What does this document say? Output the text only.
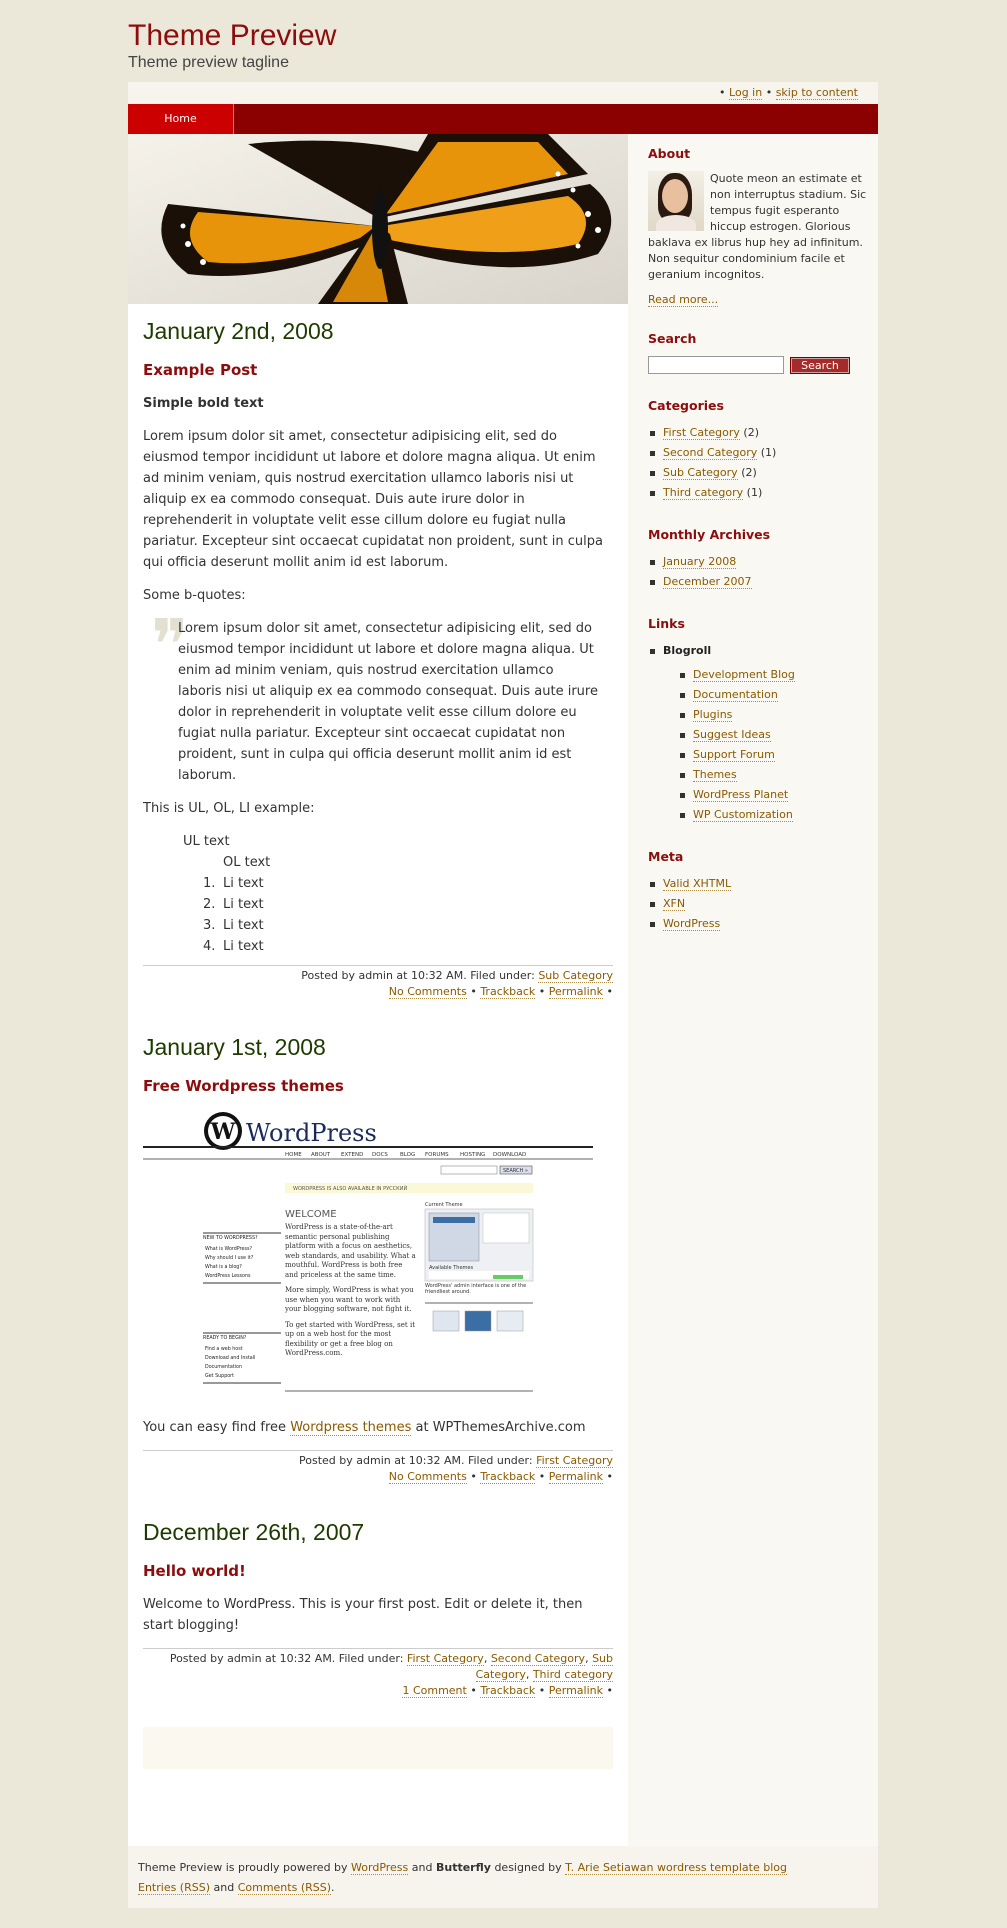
Theme Preview
Theme preview tagline
• Log in • skip to content
Home
January 2nd, 2008
Example Post

Simple bold text

Lorem ipsum dolor sit amet, consectetur adipisicing elit, sed do eiusmod tempor incididunt ut labore et dolore magna aliqua. Ut enim ad minim veniam, quis nostrud exercitation ullamco laboris nisi ut aliquip ex ea commodo consequat. Duis aute irure dolor in reprehenderit in voluptate velit esse cillum dolore eu fugiat nulla pariatur. Excepteur sint occaecat cupidatat non proident, sunt in culpa qui officia deserunt mollit anim id est laborum.

Some b-quotes:

❞

Lorem ipsum dolor sit amet, consectetur adipisicing elit, sed do eiusmod tempor incididunt ut labore et dolore magna aliqua. Ut enim ad minim veniam, quis nostrud exercitation ullamco laboris nisi ut aliquip ex ea commodo consequat. Duis aute irure dolor in reprehenderit in voluptate velit esse cillum dolore eu fugiat nulla pariatur. Excepteur sint occaecat cupidatat non proident, sunt in culpa qui officia deserunt mollit anim id est laborum.

This is UL, OL, LI example:

UL text
OL text
1. Li text
2. Li text
3. Li text
4. Li text
Posted by admin at 10:32 AM. Filed under: Sub Category
No Comments • Trackback • Permalink •
January 1st, 2008
Free Wordpress themes
W WordPress
HOME ABOUT EXTEND DOCS BLOG FORUMS HOSTING DOWNLOAD
SEARCH »
WORDPRESS IS ALSO AVAILABLE IN РУССКИЙ
WELCOME
NEW TO WORDPRESS?
What is WordPress?
Why should I use it?
What is a blog?
WordPress Lessons
READY TO BEGIN?
Find a web host
Download and Install
Documentation
Get Support
WordPress is a state-of-the-art semantic personal publishing platform with a focus on aesthetics, web standards, and usability. What a mouthful. WordPress is both free and priceless at the same time.
More simply, WordPress is what you use when you want to work with your blogging software, not fight it.
To get started with WordPress, set it up on a web host for the most flexibility or get a free blog on WordPress.com.
Current Theme
Available Themes
WordPress' admin interface is one of the friendliest around.

You can easy find free Wordpress themes at WPThemesArchive.com

Posted by admin at 10:32 AM. Filed under: First Category
No Comments • Trackback • Permalink •
December 26th, 2007
Hello world!

Welcome to WordPress. This is your first post. Edit or delete it, then start blogging!

Posted by admin at 10:32 AM. Filed under: First Category, Second Category, Sub Category, Third category
1 Comment • Trackback • Permalink •
About
Quote meon an estimate et non interruptus stadium. Sic tempus fugit esperanto hiccup estrogen. Glorious baklava ex librus hup hey ad infinitum. Non sequitur condominium facile et geranium incognitos.
Read more...
Search
Search
Categories
First Category (2)
Second Category (1)
Sub Category (2)
Third category (1)
Monthly Archives
January 2008
December 2007
Links
Blogroll
Development Blog
Documentation
Plugins
Suggest Ideas
Support Forum
Themes
WordPress Planet
WP Customization
Meta
Valid XHTML
XFN
WordPress
Theme Preview is proudly powered by WordPress and Butterfly designed by T. Arie Setiawan wordress template blog
Entries (RSS) and Comments (RSS).
